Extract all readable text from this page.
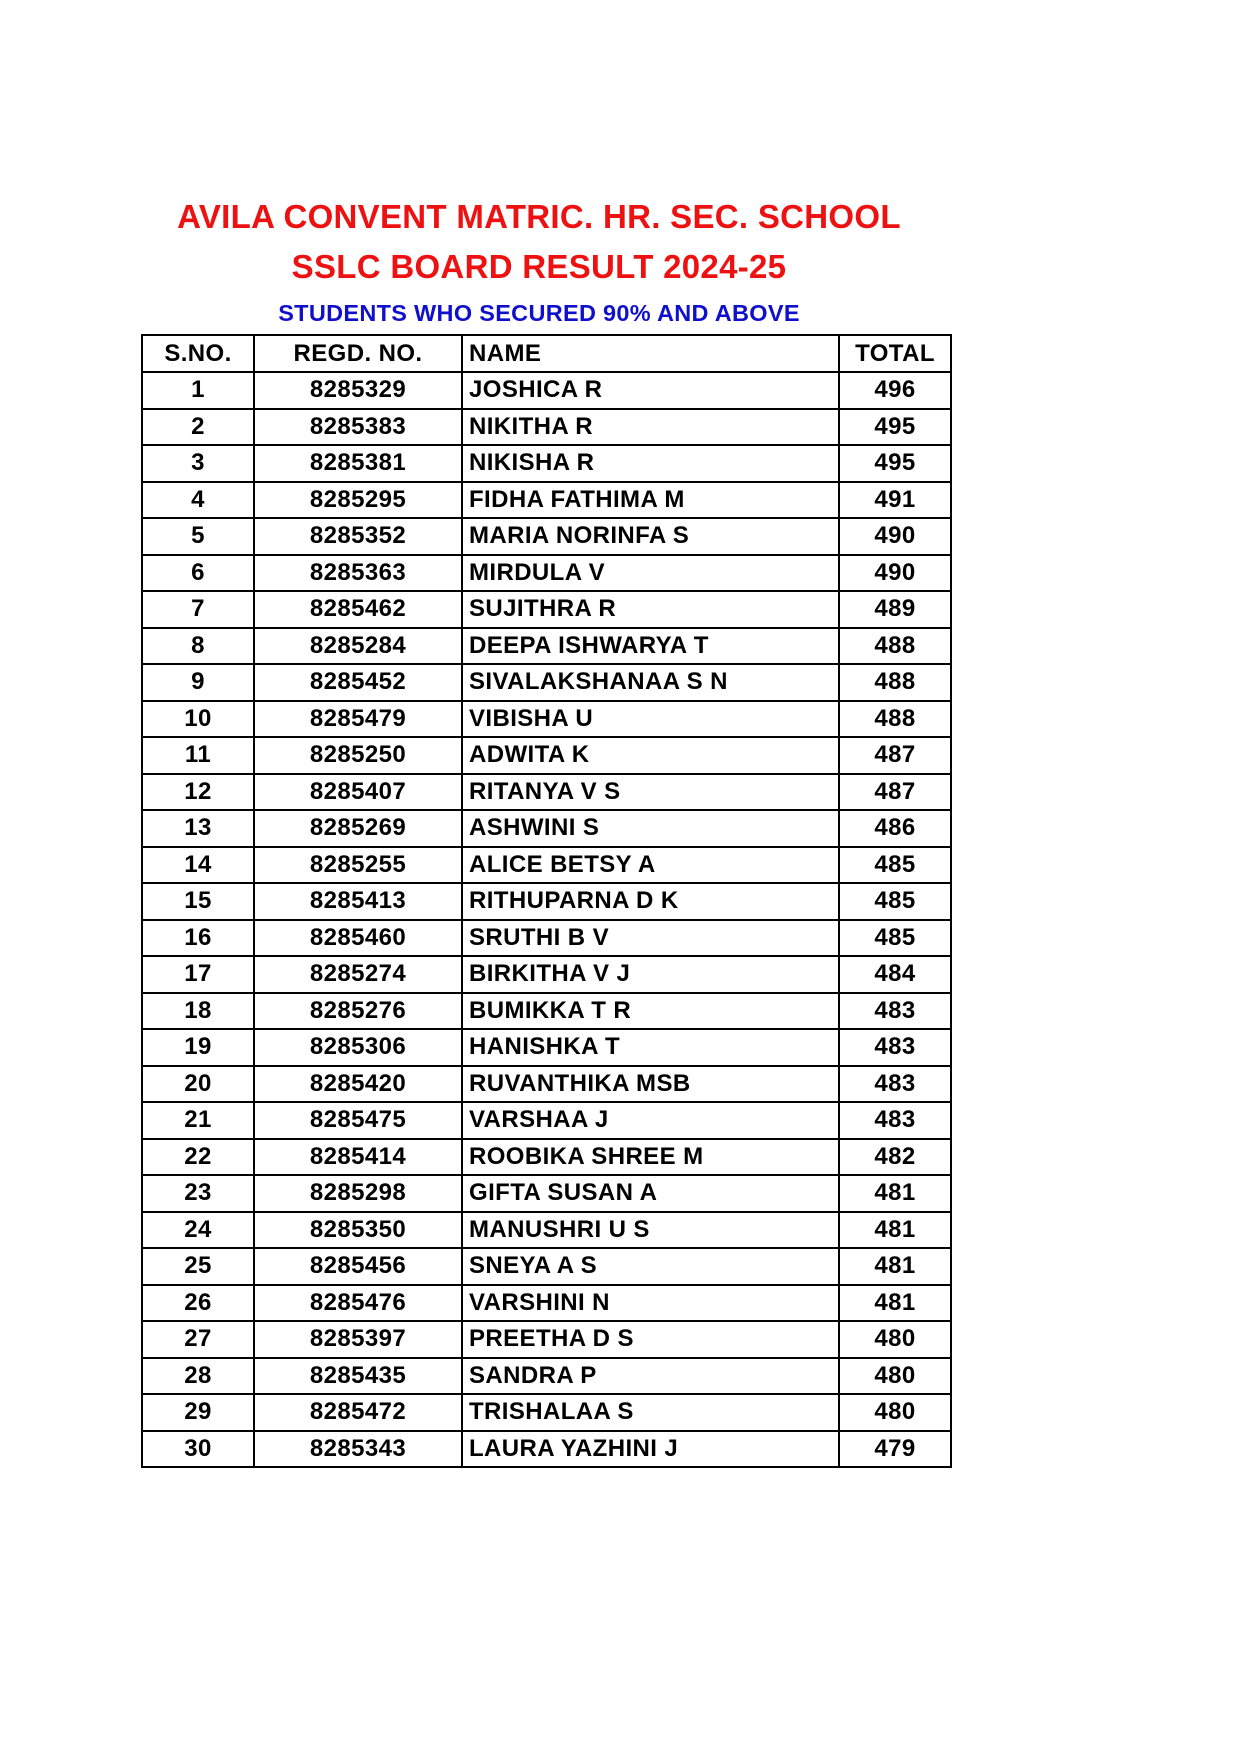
AVILA CONVENT MATRIC. HR. SEC. SCHOOL
SSLC BOARD RESULT 2024-25
STUDENTS WHO SECURED 90% AND ABOVE
S.NO.	REGD. NO.	NAME	TOTAL
1	8285329	JOSHICA R	496
2	8285383	NIKITHA R	495
3	8285381	NIKISHA R	495
4	8285295	FIDHA FATHIMA M	491
5	8285352	MARIA NORINFA S	490
6	8285363	MIRDULA V	490
7	8285462	SUJITHRA R	489
8	8285284	DEEPA ISHWARYA T	488
9	8285452	SIVALAKSHANAA S N	488
10	8285479	VIBISHA U	488
11	8285250	ADWITA K	487
12	8285407	RITANYA V S	487
13	8285269	ASHWINI S	486
14	8285255	ALICE BETSY A	485
15	8285413	RITHUPARNA D K	485
16	8285460	SRUTHI B V	485
17	8285274	BIRKITHA V J	484
18	8285276	BUMIKKA T R	483
19	8285306	HANISHKA T	483
20	8285420	RUVANTHIKA MSB	483
21	8285475	VARSHAA J	483
22	8285414	ROOBIKA SHREE M	482
23	8285298	GIFTA SUSAN A	481
24	8285350	MANUSHRI U S	481
25	8285456	SNEYA A S	481
26	8285476	VARSHINI N	481
27	8285397	PREETHA D S	480
28	8285435	SANDRA P	480
29	8285472	TRISHALAA S	480
30	8285343	LAURA YAZHINI J	479
